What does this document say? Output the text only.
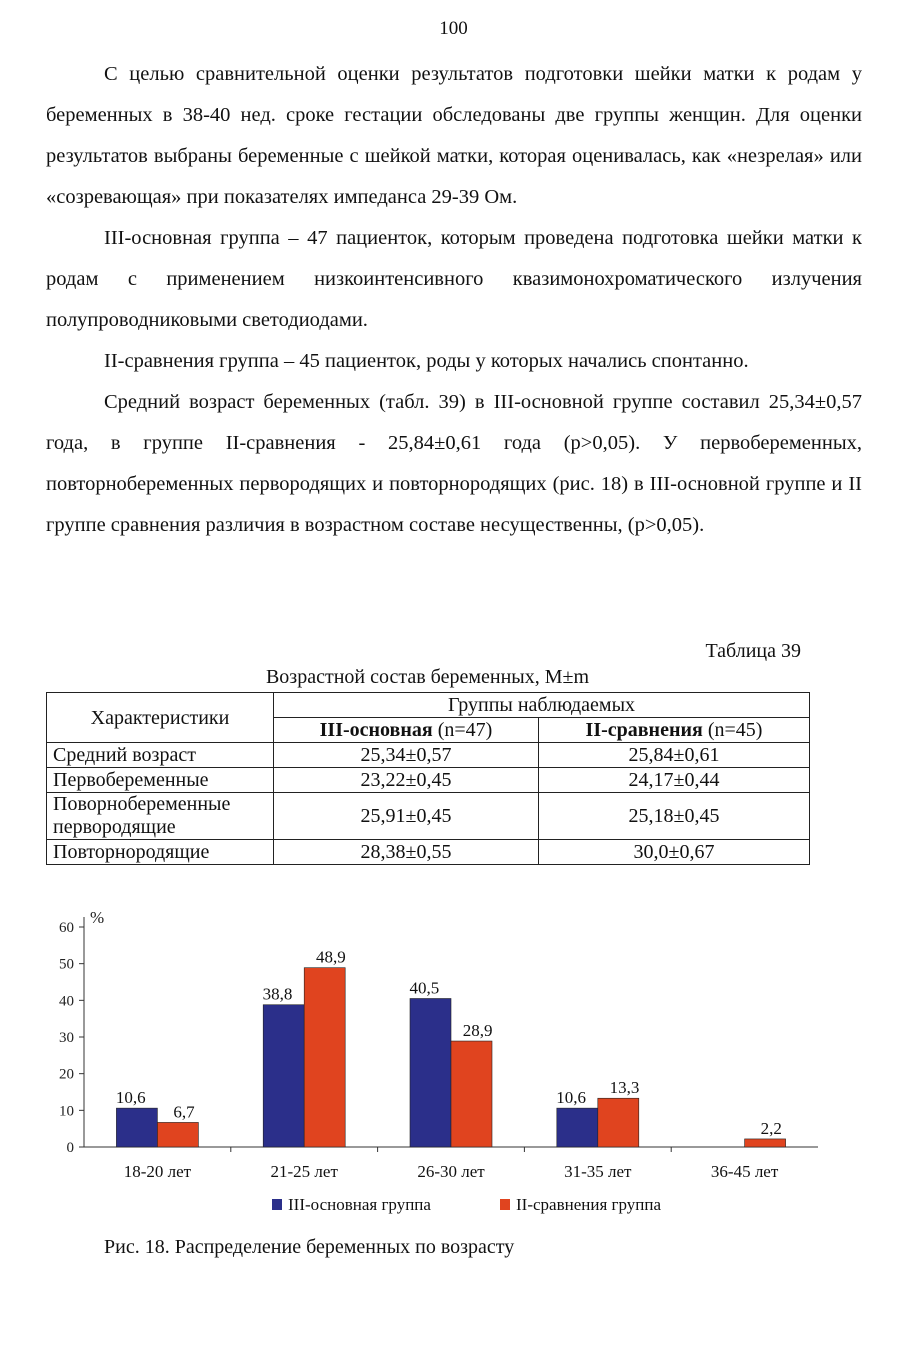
100

С целью сравнительной оценки результатов подготовки шейки матки к родам у беременных в 38-40 нед. сроке гестации обследованы две группы женщин. Для оценки результатов выбраны беременные с шейкой матки, которая оценивалась, как «незрелая» или «созревающая» при показателях импеданса 29-39 Ом.

III-основная группа – 47 пациенток, которым проведена подготовка шейки матки к родам с применением низкоинтенсивного квазимонохроматического излучения полупроводниковыми светодиодами.

II-сравнения группа – 45 пациенток, роды у которых начались спонтанно.

Средний возраст беременных (табл. 39) в III-основной группе составил 25,34±0,57 года, в группе II-сравнения - 25,84±0,61 года (p>0,05). У первобеременных, повторнобеременных первородящих и повторнородящих (рис. 18) в III-основной группе и II группе сравнения различия в возрастном составе несущественны, (p>0,05).

Таблица 39
Возрастной состав беременных, M±m
Характеристики	Группы наблюдаемых	
	III-основная (n=47)	II-сравнения (n=45)
Средний возраст	25,34±0,57	25,84±0,61
Первобеременные	23,22±0,45	24,17±0,44
Поворнобеременные первородящие	25,91±0,45	25,18±0,45
Повторнородящие	28,38±0,55	30,0±0,67
%
0
10
20
30
40
50
60
18-20 лет
10,6
6,7
21-25 лет
38,8
48,9
26-30 лет
40,5
28,9
31-35 лет
10,6
13,3
36-45 лет
2,2
III-основная группа	II-сравнения группа
Рис. 18. Распределение беременных по возрасту
